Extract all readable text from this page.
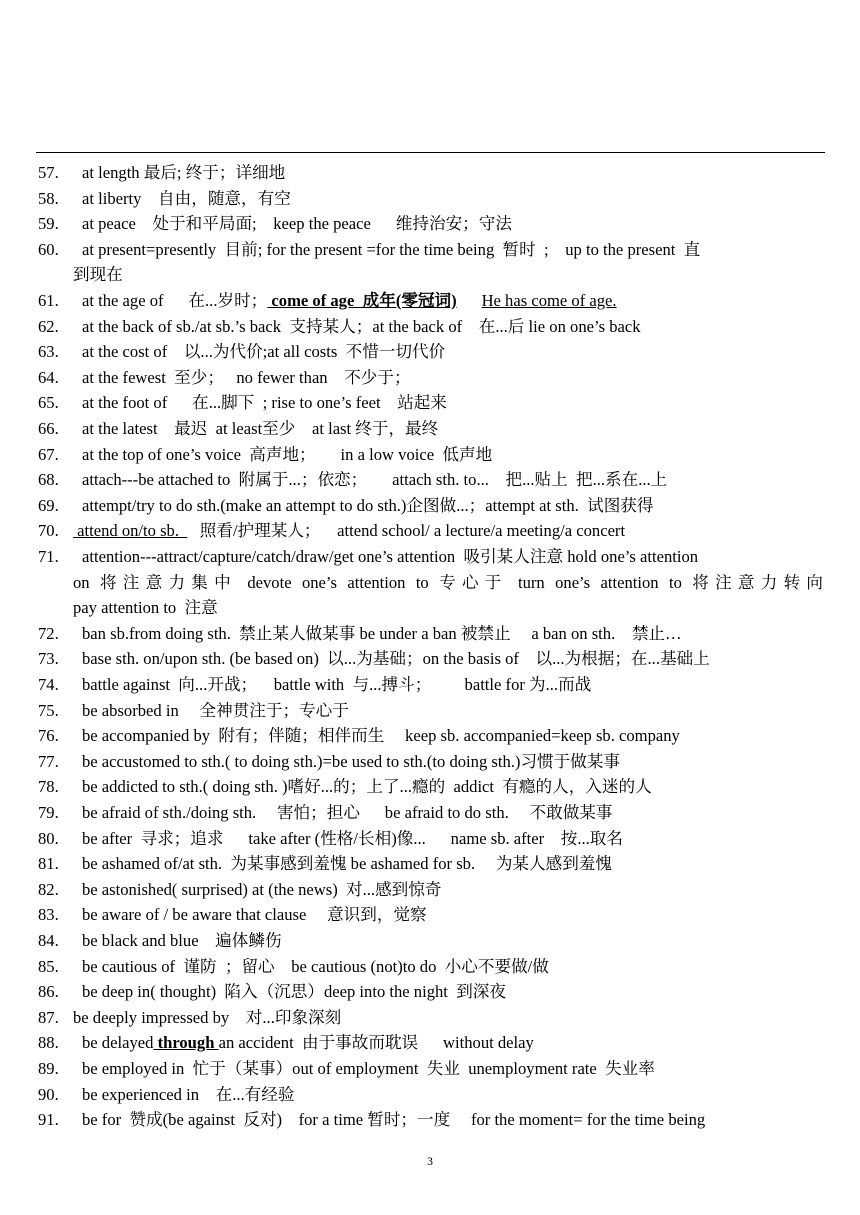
57. at length 最后; 终于；详细地
58. at liberty    自由，随意，有空
59. at peace    处于和平局面;    keep the peace      维持治安；守法
60. at present=presently  目前; for the present =for the time being  暂时  ;    up to the present  直
到现在
61. at the age of      在...岁时； come of age  成年(零冠词) He has come of age.
62. at the back of sb./at sb.’s back  支持某人；at the back of    在...后 lie on one’s back
63. at the cost of    以...为代价;at all costs  不惜一切代价
64. at the fewest  至少；   no fewer than    不少于；
65. at the foot of      在...脚下  ; rise to one’s feet    站起来
66. at the latest    最迟  at least至少    at last 终于，最终
67. at the top of one’s voice  高声地；      in a low voice  低声地
68. attach---be attached to  附属于...；依恋；      attach sth. to...    把...贴上  把...系在...上
69. attempt/try to do sth.(make an attempt to do sth.)企图做...；attempt at sth.  试图获得
70. attend on/to sb.     照看/护理某人；    attend school/ a lecture/a meeting/a concert
71. attention---attract/capture/catch/draw/get one’s attention  吸引某人注意 hold one’s attention
on 将注意力集中 devote one’s attention to 专心于 turn one’s attention to 将注意力转向
pay attention to  注意
72. ban sb.from doing sth.  禁止某人做某事 be under a ban 被禁止     a ban on sth.    禁止…
73. base sth. on/upon sth. (be based on)  以...为基础；on the basis of    以...为根据；在...基础上
74. battle against  向...开战；    battle with  与...搏斗；        battle for 为...而战
75. be absorbed in     全神贯注于；专心于
76. be accompanied by  附有；伴随；相伴而生     keep sb. accompanied=keep sb. company
77. be accustomed to sth.( to doing sth.)=be used to sth.(to doing sth.)习惯于做某事
78. be addicted to sth.( doing sth. )嗜好...的；上了...瘾的  addict  有瘾的人，入迷的人
79. be afraid of sth./doing sth.     害怕；担心      be afraid to do sth.     不敢做某事
80. be after  寻求；追求      take after (性格/长相)像...      name sb. after    按...取名
81. be ashamed of/at sth.  为某事感到羞愧 be ashamed for sb.     为某人感到羞愧
82. be astonished( surprised) at (the news)  对...感到惊奇
83. be aware of / be aware that clause     意识到，觉察
84. be black and blue    遍体鳞伤
85. be cautious of  谨防  ；留心    be cautious (not)to do  小心不要做/做
86. be deep in( thought)  陷入（沉思）deep into the night  到深夜
87. be deeply impressed by    对...印象深刻
88. be delayed through an accident  由于事故而耽误      without delay
89. be employed in  忙于（某事）out of employment  失业  unemployment rate  失业率
90. be experienced in    在...有经验
91. be for  赞成(be against  反对)    for a time 暂时；一度     for the moment= for the time being
3
